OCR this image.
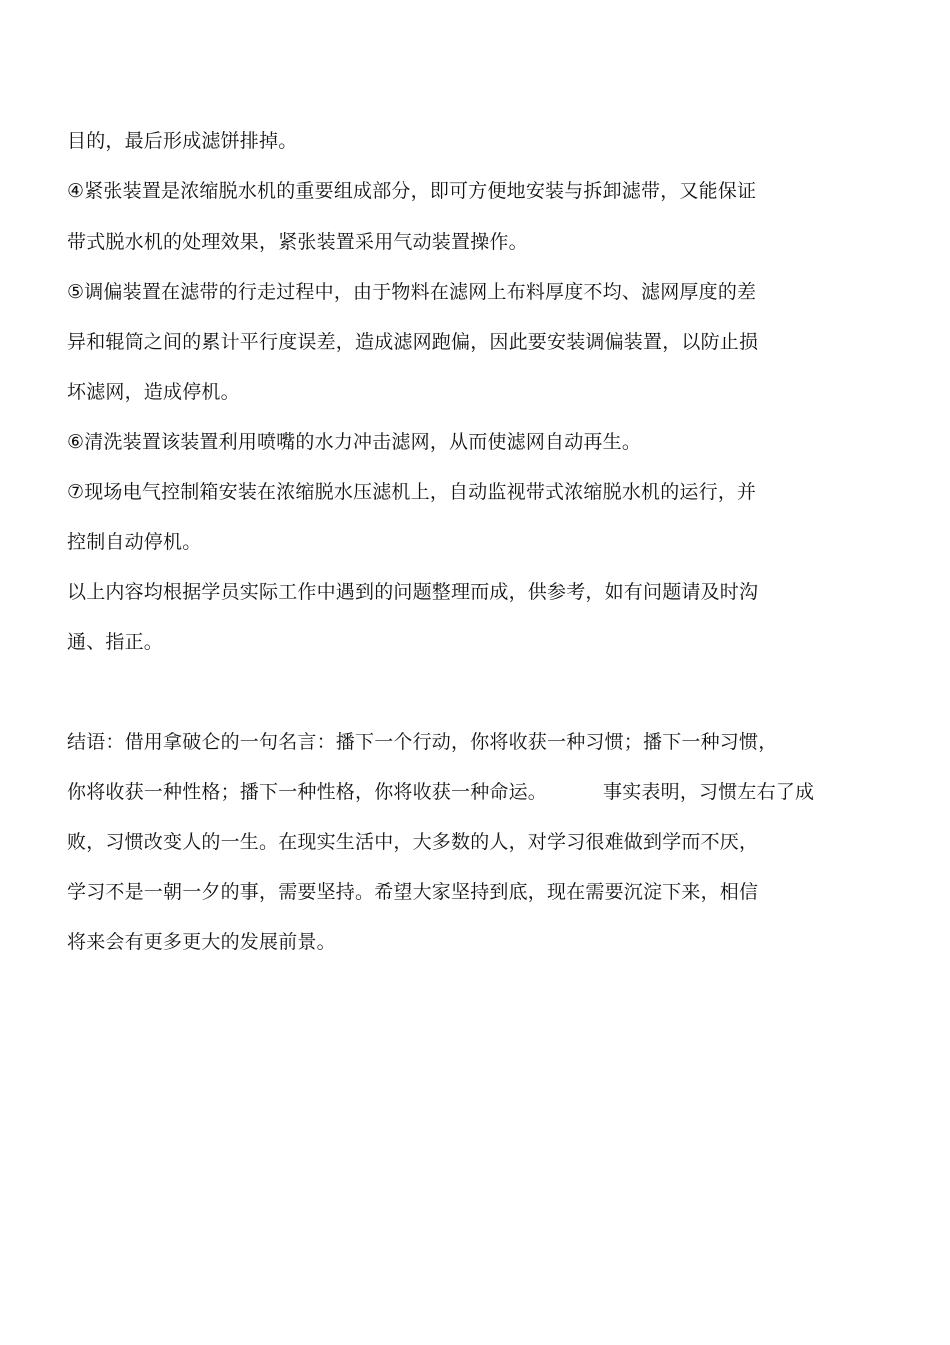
目的，最后形成滤饼排掉。

④紧张装置是浓缩脱水机的重要组成部分，即可方便地安装与拆卸滤带，又能保证

带式脱水机的处理效果，紧张装置采用气动装置操作。

⑤调偏装置在滤带的行走过程中，由于物料在滤网上布料厚度不均、滤网厚度的差

异和辊筒之间的累计平行度误差，造成滤网跑偏，因此要安装调偏装置，以防止损

坏滤网，造成停机。

⑥清洗装置该装置利用喷嘴的水力冲击滤网，从而使滤网自动再生。

⑦现场电气控制箱安装在浓缩脱水压滤机上，自动监视带式浓缩脱水机的运行，并

控制自动停机。

以上内容均根据学员实际工作中遇到的问题整理而成，供参考，如有问题请及时沟

通、指正。

结语：借用拿破仑的一句名言：播下一个行动，你将收获一种习惯；播下一种习惯，

你将收获一种性格；播下一种性格，你将收获一种命运。	事实表明，习惯左右了成

败，习惯改变人的一生。在现实生活中，大多数的人，对学习很难做到学而不厌，

学习不是一朝一夕的事，需要坚持。希望大家坚持到底，现在需要沉淀下来，相信

将来会有更多更大的发展前景。
